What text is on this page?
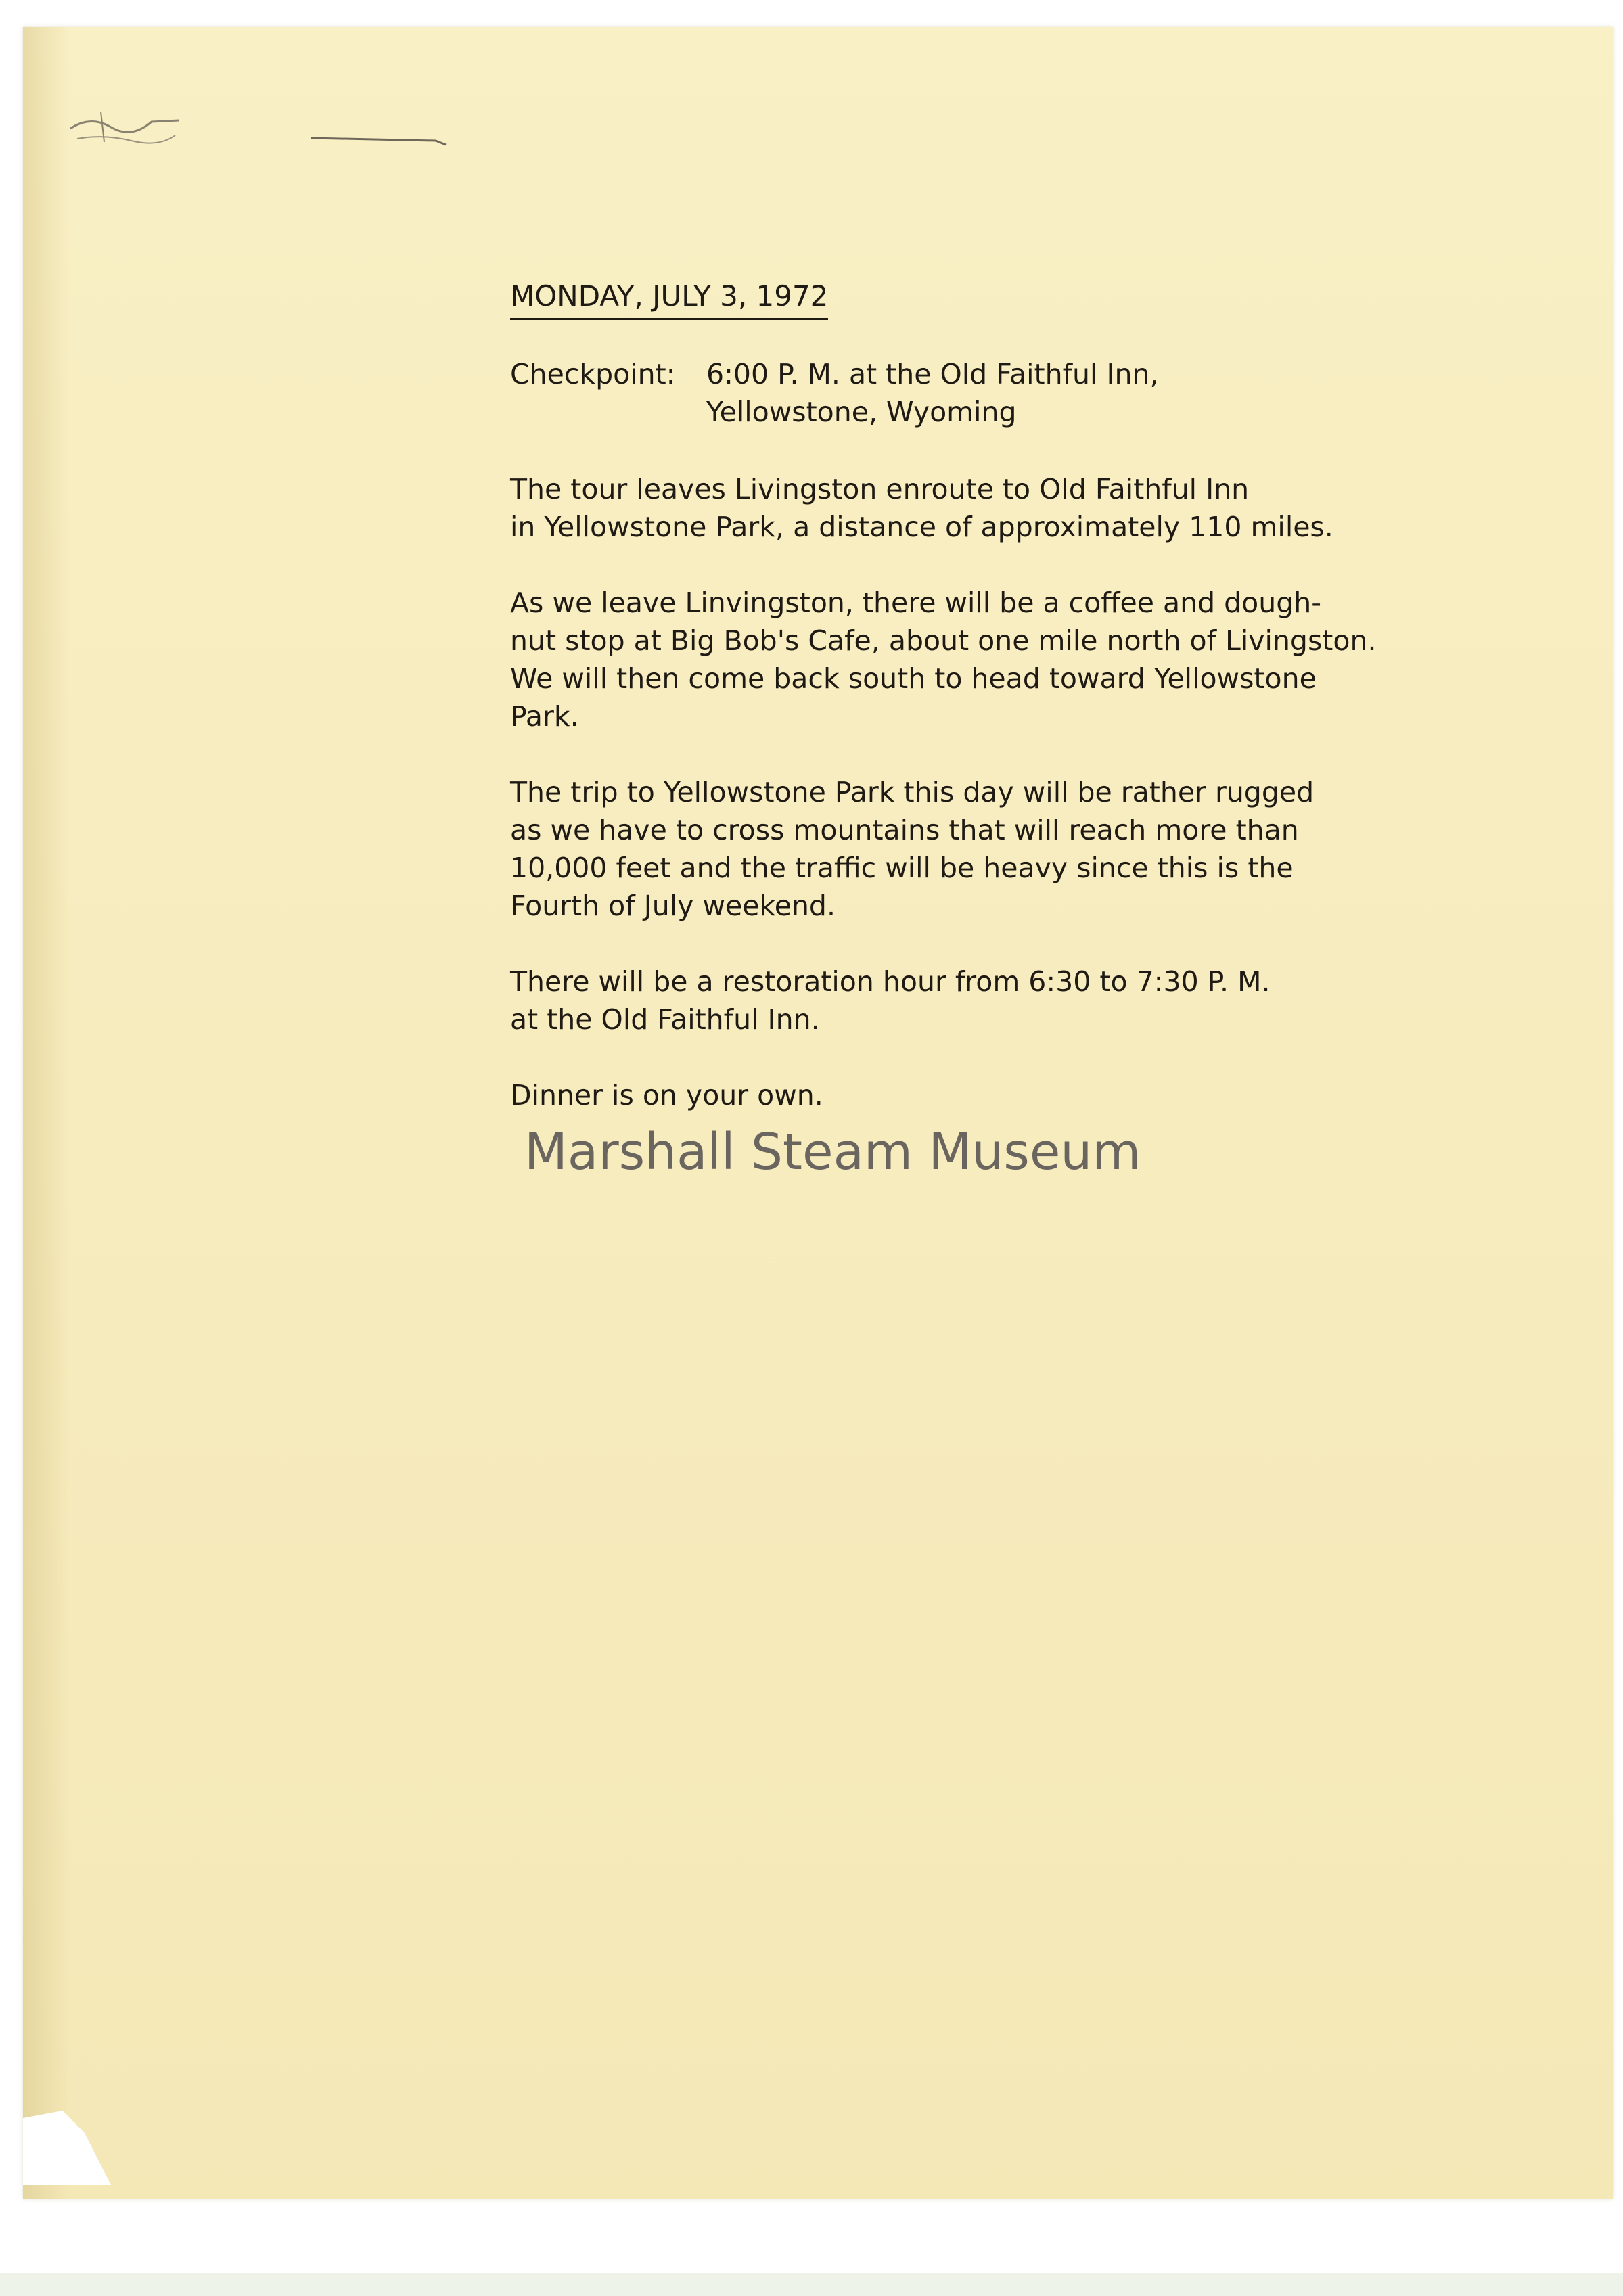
MONDAY, JULY 3, 1972
Checkpoint:	6:00 P. M. at the Old Faithful Inn,
Yellowstone, Wyoming
The tour leaves Livingston enroute to Old Faithful Inn
in Yellowstone Park, a distance of approximately 110 miles.
As we leave Linvingston, there will be a coffee and dough-
nut stop at Big Bob's Cafe, about one mile north of Livingston.
We will then come back south to head toward Yellowstone
Park.
The trip to Yellowstone Park this day will be rather rugged
as we have to cross mountains that will reach more than
10,000 feet and the traffic will be heavy since this is the
Fourth of July weekend.
There will be a restoration hour from 6:30 to 7:30 P. M.
at the Old Faithful Inn.
Dinner is on your own.
Marshall Steam Museum
